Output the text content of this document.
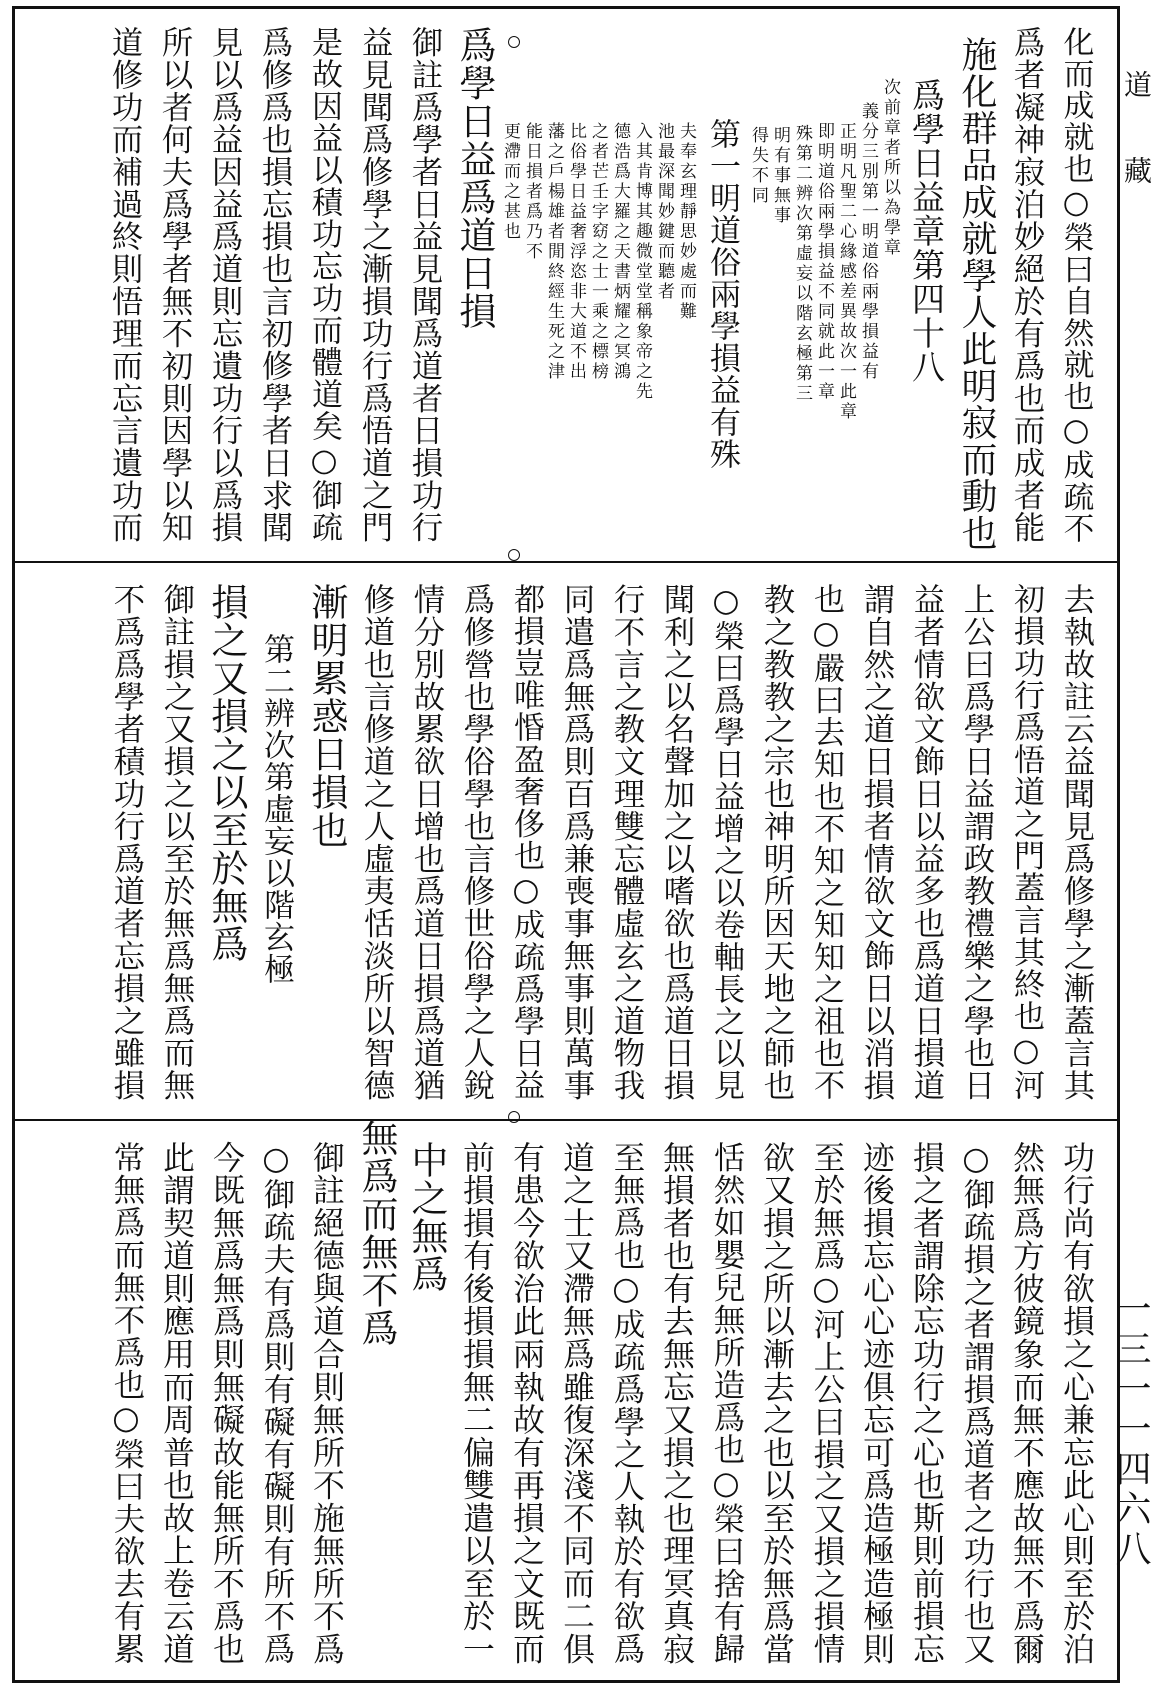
化而成就也○榮曰自然就也○成疏不
爲者凝神寂泊妙絕於有爲也而成者能
施化群品成就學人此明寂而動也
爲學日益章第四十八
次前章者所以為學章
義分三別第一明道俗兩學損益有
正明凡聖二心緣感差異故次一此章
即明道俗兩學損益不同就此一章
殊第二辨次第虛妄以階玄極第三
明有事無事
得失不同
第一明道俗兩學損益有殊
夫奉玄理靜思妙處而難
池最深聞妙鍵而聽者
入其肯博其趣微堂堂稱象帝之先
德浩爲大羅之天書炳耀之冥鴻
之者芒壬字窈之士一乘之標榜
比俗學日益奢浮恣非大道不出
藩之戶楊雄者閒終經生死之津
能日損者爲乃不
更滯而之甚也
爲學日益爲道日損
御註爲學者日益見聞爲道者日損功行
益見聞爲修學之漸損功行爲悟道之門
是故因益以積功忘功而體道矣○御疏
爲修爲也損忘損也言初修學者日求聞
見以爲益因益爲道則忘遺功行以爲損
所以者何夫爲學者無不初則因學以知
道修功而補過終則悟理而忘言遺功而
去執故註云益聞見爲修學之漸蓋言其
初損功行爲悟道之門蓋言其終也○河
上公曰爲學日益謂政教禮樂之學也日
益者情欲文飾日以益多也爲道日損道
謂自然之道日損者情欲文飾日以消損
也○嚴曰去知也不知之知知之祖也不
教之教教之宗也神明所因天地之師也
○榮曰爲學日益增之以卷軸長之以見
聞利之以名聲加之以嗜欲也爲道日損
行不言之教文理雙忘體虛玄之道物我
同遣爲無爲則百爲兼喪事無事則萬事
都損豈唯惛盈奢侈也○成疏爲學日益
爲修營也學俗學也言修世俗學之人銳
情分別故累欲日增也爲道日損爲道猶
修道也言修道之人虛夷恬淡所以智德
漸明累惑日損也
第二辨次第虛妄以階玄極
損之又損之以至於無爲
御註損之又損之以至於無爲無爲而無
不爲爲學者積功行爲道者忘損之雖損
功行尚有欲損之心兼忘此心則至於泊
然無爲方彼鏡象而無不應故無不爲爾
○御疏損之者謂損爲道者之功行也又
損之者謂除忘功行之心也斯則前損忘
迹後損忘心心迹俱忘可爲造極造極則
至於無爲○河上公曰損之又損之損情
欲又損之所以漸去之也以至於無爲當
恬然如嬰兒無所造爲也○榮曰捨有歸
無損者也有去無忘又損之也理冥真寂
至無爲也○成疏爲學之人執於有欲爲
道之士又滯無爲雖復深淺不同而二俱
有患今欲治此兩執故有再損之文既而
前損損有後損損無二偏雙遣以至於一
中之無爲
無爲而無不爲
御註絕德與道合則無所不施無所不爲
○御疏夫有爲則有礙有礙則有所不爲
今既無爲無爲則無礙故能無所不爲也
此謂契道則應用而周普也故上卷云道
常無爲而無不爲也○榮曰夫欲去有累
道藏
一三一一四六八
